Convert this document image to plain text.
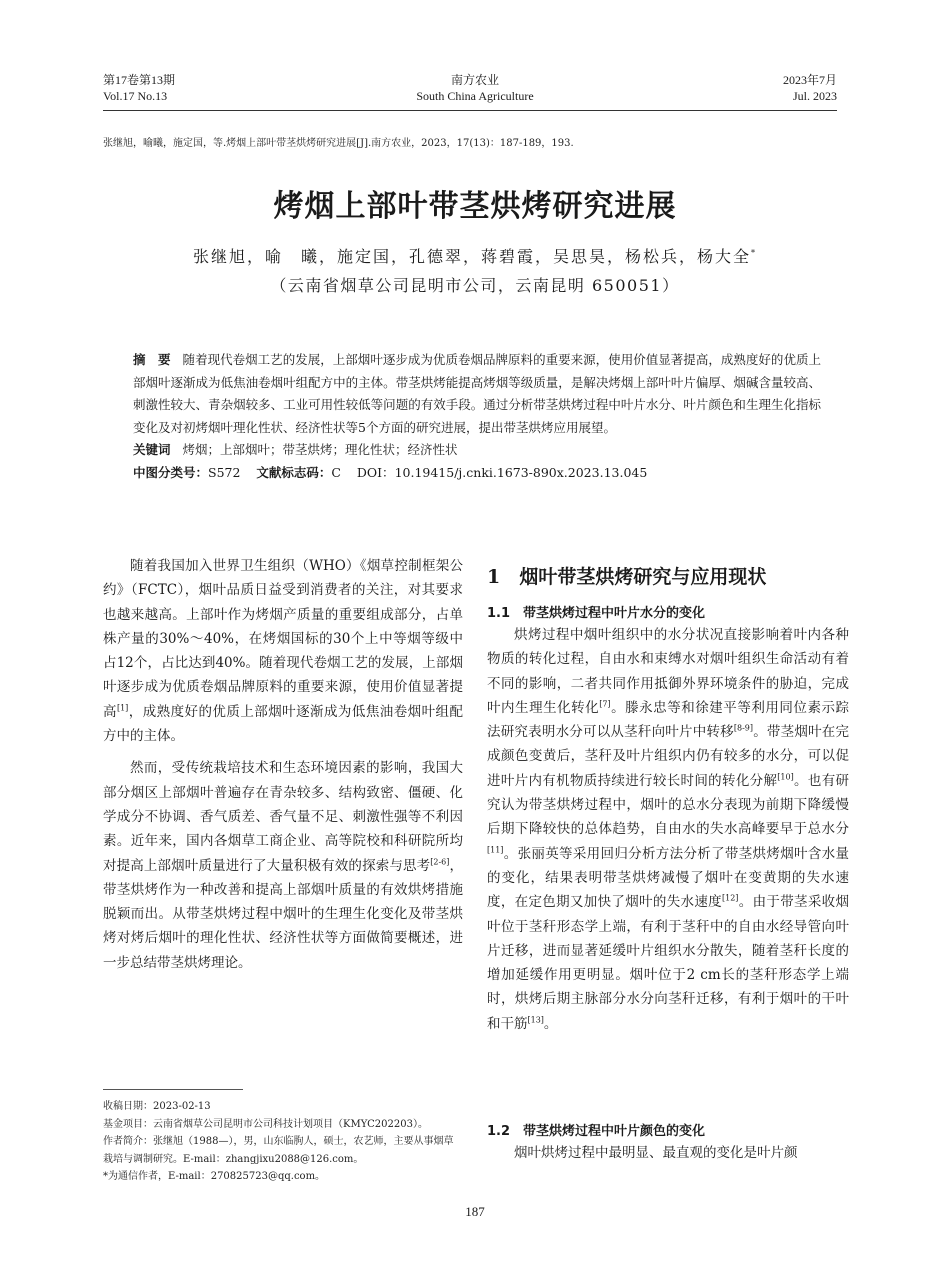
第17卷第13期
Vol.17 No.13
南方农业
South China Agriculture
2023年7月
Jul. 2023
张继旭，喻曦，施定国，等.烤烟上部叶带茎烘烤研究进展[J].南方农业，2023，17(13)：187-189，193.
烤烟上部叶带茎烘烤研究进展
张继旭，喻　曦，施定国，孔德翠，蒋碧霞，吴思昊，杨松兵，杨大全*
（云南省烟草公司昆明市公司，云南昆明 650051）

摘　要 随着现代卷烟工艺的发展，上部烟叶逐步成为优质卷烟品牌原料的重要来源，使用价值显著提高，成熟度好的优质上部烟叶逐渐成为低焦油卷烟叶组配方中的主体。带茎烘烤能提高烤烟等级质量，是解决烤烟上部叶叶片偏厚、烟碱含量较高、刺激性较大、青杂烟较多、工业可用性较低等问题的有效手段。通过分析带茎烘烤过程中叶片水分、叶片颜色和生理生化指标变化及对初烤烟叶理化性状、经济性状等5个方面的研究进展，提出带茎烘烤应用展望。

关键词 烤烟；上部烟叶；带茎烘烤；理化性状；经济性状

中图分类号：S572 文献标志码：C DOI：10.19415/j.cnki.1673-890x.2023.13.045

随着我国加入世界卫生组织（WHO）《烟草控制框架公约》（FCTC），烟叶品质日益受到消费者的关注，对其要求也越来越高。上部叶作为烤烟产质量的重要组成部分，占单株产量的30%～40%，在烤烟国标的30个上中等烟等级中占12个，占比达到40%。随着现代卷烟工艺的发展，上部烟叶逐步成为优质卷烟品牌原料的重要来源，使用价值显著提高[1]，成熟度好的优质上部烟叶逐渐成为低焦油卷烟叶组配方中的主体。

然而，受传统栽培技术和生态环境因素的影响，我国大部分烟区上部烟叶普遍存在青杂较多、结构致密、僵硬、化学成分不协调、香气质差、香气量不足、刺激性强等不利因素。近年来，国内各烟草工商企业、高等院校和科研院所均对提高上部烟叶质量进行了大量积极有效的探索与思考[2-6]，带茎烘烤作为一种改善和提高上部烟叶质量的有效烘烤措施脱颖而出。从带茎烘烤过程中烟叶的生理生化变化及带茎烘烤对烤后烟叶的理化性状、经济性状等方面做简要概述，进一步总结带茎烘烤理论。

收稿日期：2023-02-13

基金项目：云南省烟草公司昆明市公司科技计划项目（KMYC202203）。

作者简介：张继旭（1988—），男，山东临朐人，硕士，农艺师，主要从事烟草栽培与调制研究。E-mail：zhangjixu2088@126.com。

*为通信作者，E-mail：270825723@qq.com。

1 烟叶带茎烘烤研究与应用现状
1.1　带茎烘烤过程中叶片水分的变化

烘烤过程中烟叶组织中的水分状况直接影响着叶内各种物质的转化过程，自由水和束缚水对烟叶组织生命活动有着不同的影响，二者共同作用抵御外界环境条件的胁迫，完成叶内生理生化转化[7]。滕永忠等和徐建平等利用同位素示踪法研究表明水分可以从茎秆向叶片中转移[8-9]。带茎烟叶在完成颜色变黄后，茎秆及叶片组织内仍有较多的水分，可以促进叶片内有机物质持续进行较长时间的转化分解[10]。也有研究认为带茎烘烤过程中，烟叶的总水分表现为前期下降缓慢后期下降较快的总体趋势，自由水的失水高峰要早于总水分[11]。张丽英等采用回归分析方法分析了带茎烘烤烟叶含水量的变化，结果表明带茎烘烤减慢了烟叶在变黄期的失水速度，在定色期又加快了烟叶的失水速度[12]。由于带茎采收烟叶位于茎秆形态学上端，有利于茎秆中的自由水经导管向叶片迁移，进而显著延缓叶片组织水分散失，随着茎秆长度的增加延缓作用更明显。烟叶位于2 cm长的茎秆形态学上端时，烘烤后期主脉部分水分向茎秆迁移，有利于烟叶的干叶和干筋[13]。

1.2　带茎烘烤过程中叶片颜色的变化

烟叶烘烤过程中最明显、最直观的变化是叶片颜

187
